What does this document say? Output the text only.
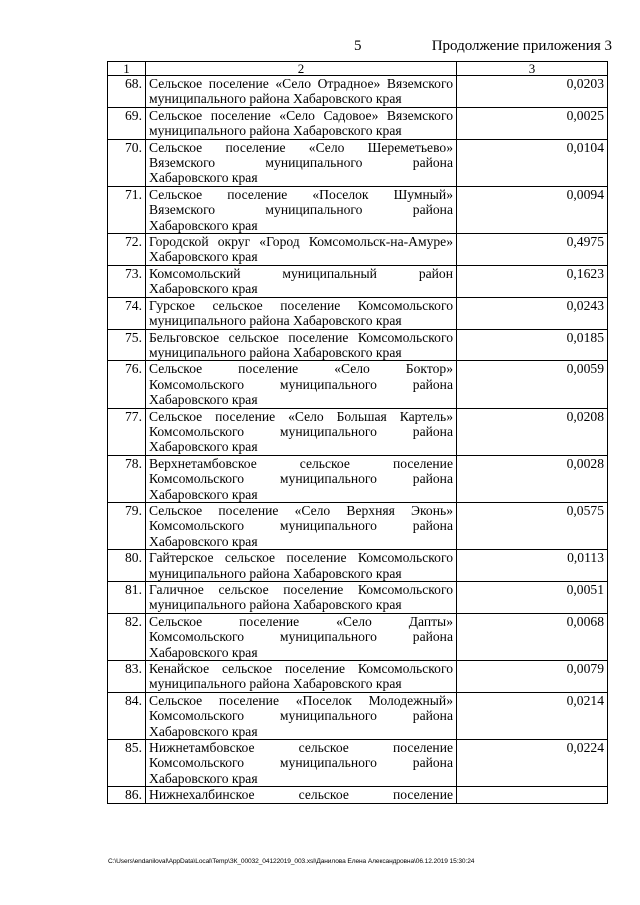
5	Продолжение приложения 3
1	2	3
68.	Сельское поселение «Село Отрадное» Вяземского
муниципального района Хабаровского края	0,0203
69.	Сельское поселение «Село Садовое» Вяземского
муниципального района Хабаровского края	0,0025
70.	Сельское поселение «Село Шереметьево»
Вяземского муниципального района
Хабаровского края	0,0104
71.	Сельское поселение «Поселок Шумный»
Вяземского муниципального района
Хабаровского края	0,0094
72.	Городской округ «Город Комсомольск-на-Амуре»
Хабаровского края	0,4975
73.	Комсомольский муниципальный район
Хабаровского края	0,1623
74.	Гурское сельское поселение Комсомольского
муниципального района Хабаровского края	0,0243
75.	Бельговское сельское поселение Комсомольского
муниципального района Хабаровского края	0,0185
76.	Сельское поселение «Село Боктор»
Комсомольского муниципального района
Хабаровского края	0,0059
77.	Сельское поселение «Село Большая Картель»
Комсомольского муниципального района
Хабаровского края	0,0208
78.	Верхнетамбовское сельское поселение
Комсомольского муниципального района
Хабаровского края	0,0028
79.	Сельское поселение «Село Верхняя Эконь»
Комсомольского муниципального района
Хабаровского края	0,0575
80.	Гайтерское сельское поселение Комсомольского
муниципального района Хабаровского края	0,0113
81.	Галичное сельское поселение Комсомольского
муниципального района Хабаровского края	0,0051
82.	Сельское поселение «Село Дапты»
Комсомольского муниципального района
Хабаровского края	0,0068
83.	Кенайское сельское поселение Комсомольского
муниципального района Хабаровского края	0,0079
84.	Сельское поселение «Поселок Молодежный»
Комсомольского муниципального района
Хабаровского края	0,0214
85.	Нижнетамбовское сельское поселение
Комсомольского муниципального района
Хабаровского края	0,0224
86.	Нижнехалбинское сельское поселение	

C:\Users\endaniloval\AppData\Local\Temp\ЗК_00032_04122019_003.xsl\Данилова Елена Александровна\06.12.2019 15:30:24
